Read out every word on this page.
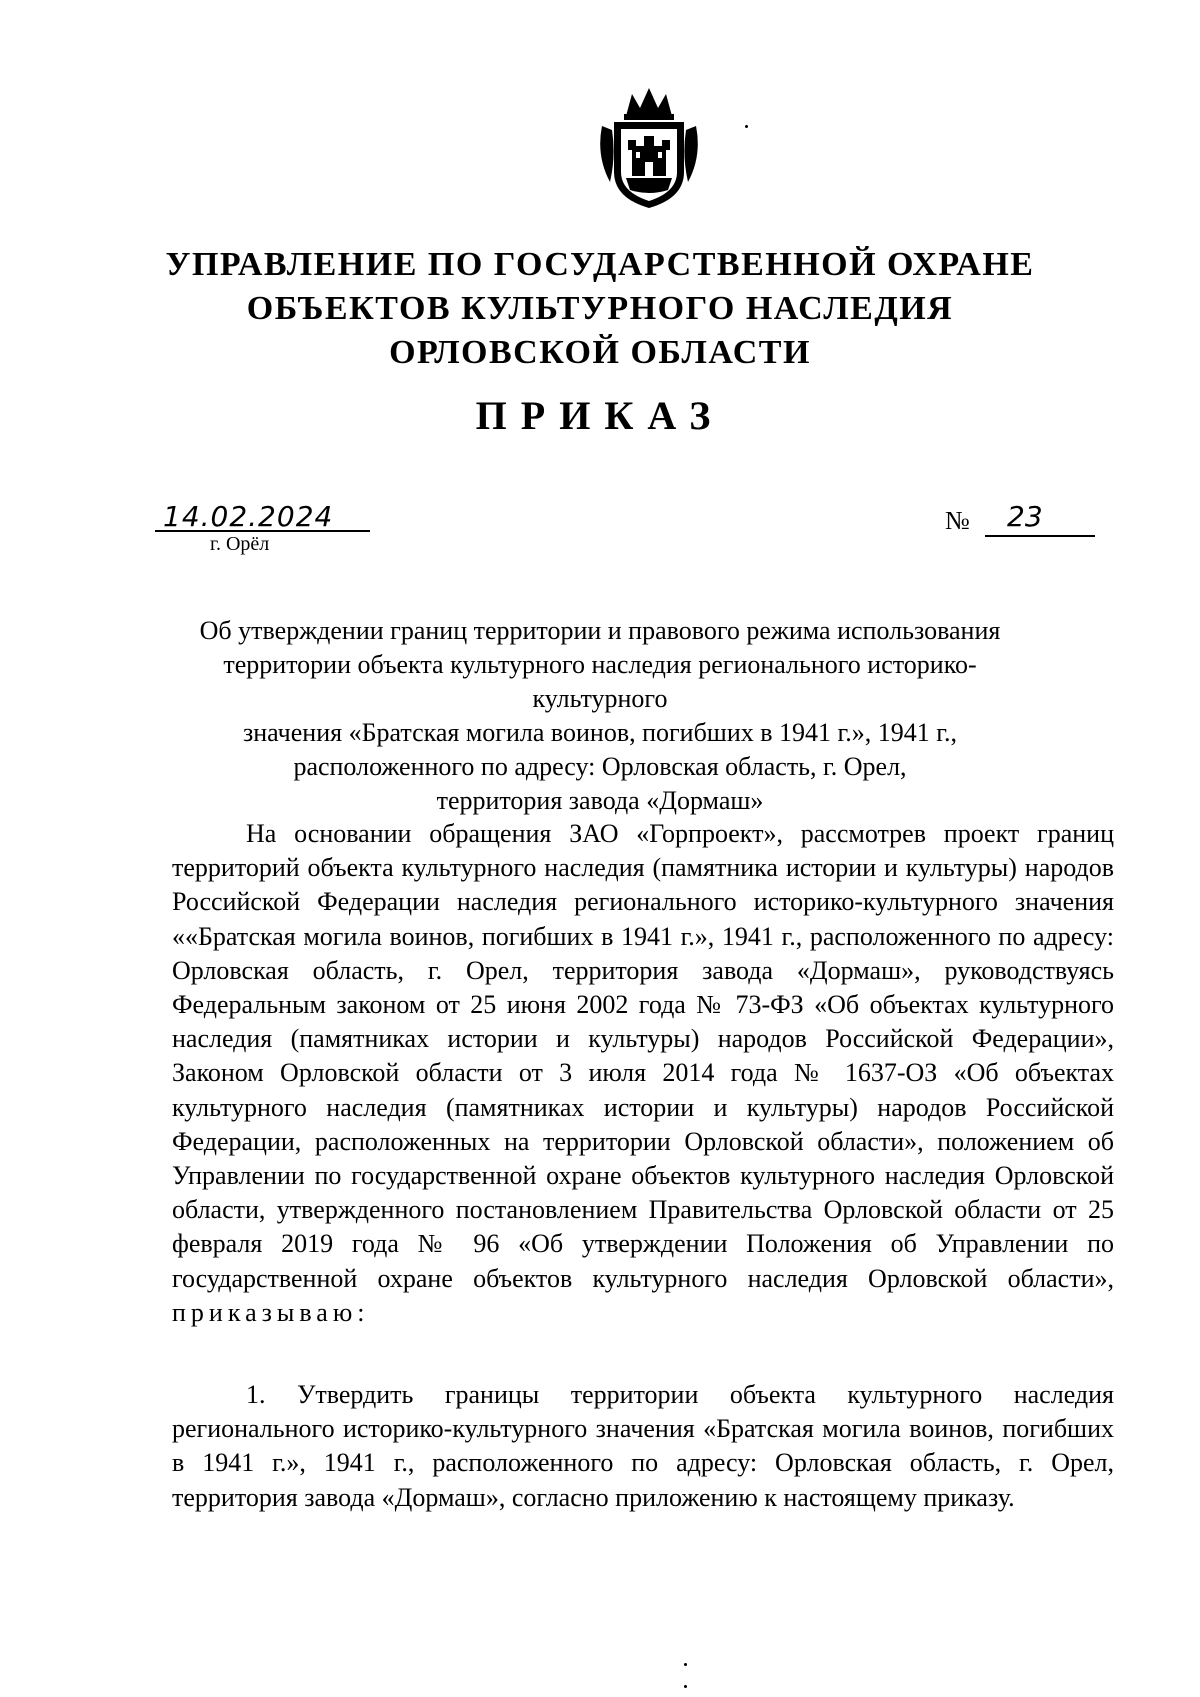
УПРАВЛЕНИЕ ПО ГОСУДАРСТВЕННОЙ ОХРАНЕ
ОБЪЕКТОВ КУЛЬТУРНОГО НАСЛЕДИЯ
ОРЛОВСКОЙ ОБЛАСТИ
ПРИКАЗ
14.02.2024
г. Орёл
№ 23
Об утверждении границ территории и правового режима использования
территории объекта культурного наследия регионального историко-культурного
значения «Братская могила воинов, погибших в 1941 г.», 1941 г.,
расположенного по адресу: Орловская область, г. Орел,
территория завода «Дормаш»
На основании обращения ЗАО «Горпроект», рассмотрев проект границ территорий объекта культурного наследия (памятника истории и культуры) народов Российской Федерации наследия регионального историко-культурного значения ««Братская могила воинов, погибших в 1941 г.», 1941 г., расположенного по адресу: Орловская область, г. Орел, территория завода «Дормаш», руководствуясь Федеральным законом от 25 июня 2002 года № 73-ФЗ «Об объектах культурного наследия (памятниках истории и культуры) народов Российской Федерации», Законом Орловской области от 3 июля 2014 года № 1637-ОЗ «Об объектах культурного наследия (памятниках истории и культуры) народов Российской Федерации, расположенных на территории Орловской области», положением об Управлении по государственной охране объектов культурного наследия Орловской области, утвержденного постановлением Правительства Орловской области от 25 февраля 2019 года № 96 «Об утверждении Положения об Управлении по государственной охране объектов культурного наследия Орловской области», приказываю:
1. Утвердить границы территории объекта культурного наследия регионального историко-культурного значения «Братская могила воинов, погибших в 1941 г.», 1941 г., расположенного по адресу: Орловская область, г. Орел, территория завода «Дормаш», согласно приложению к настоящему приказу.
